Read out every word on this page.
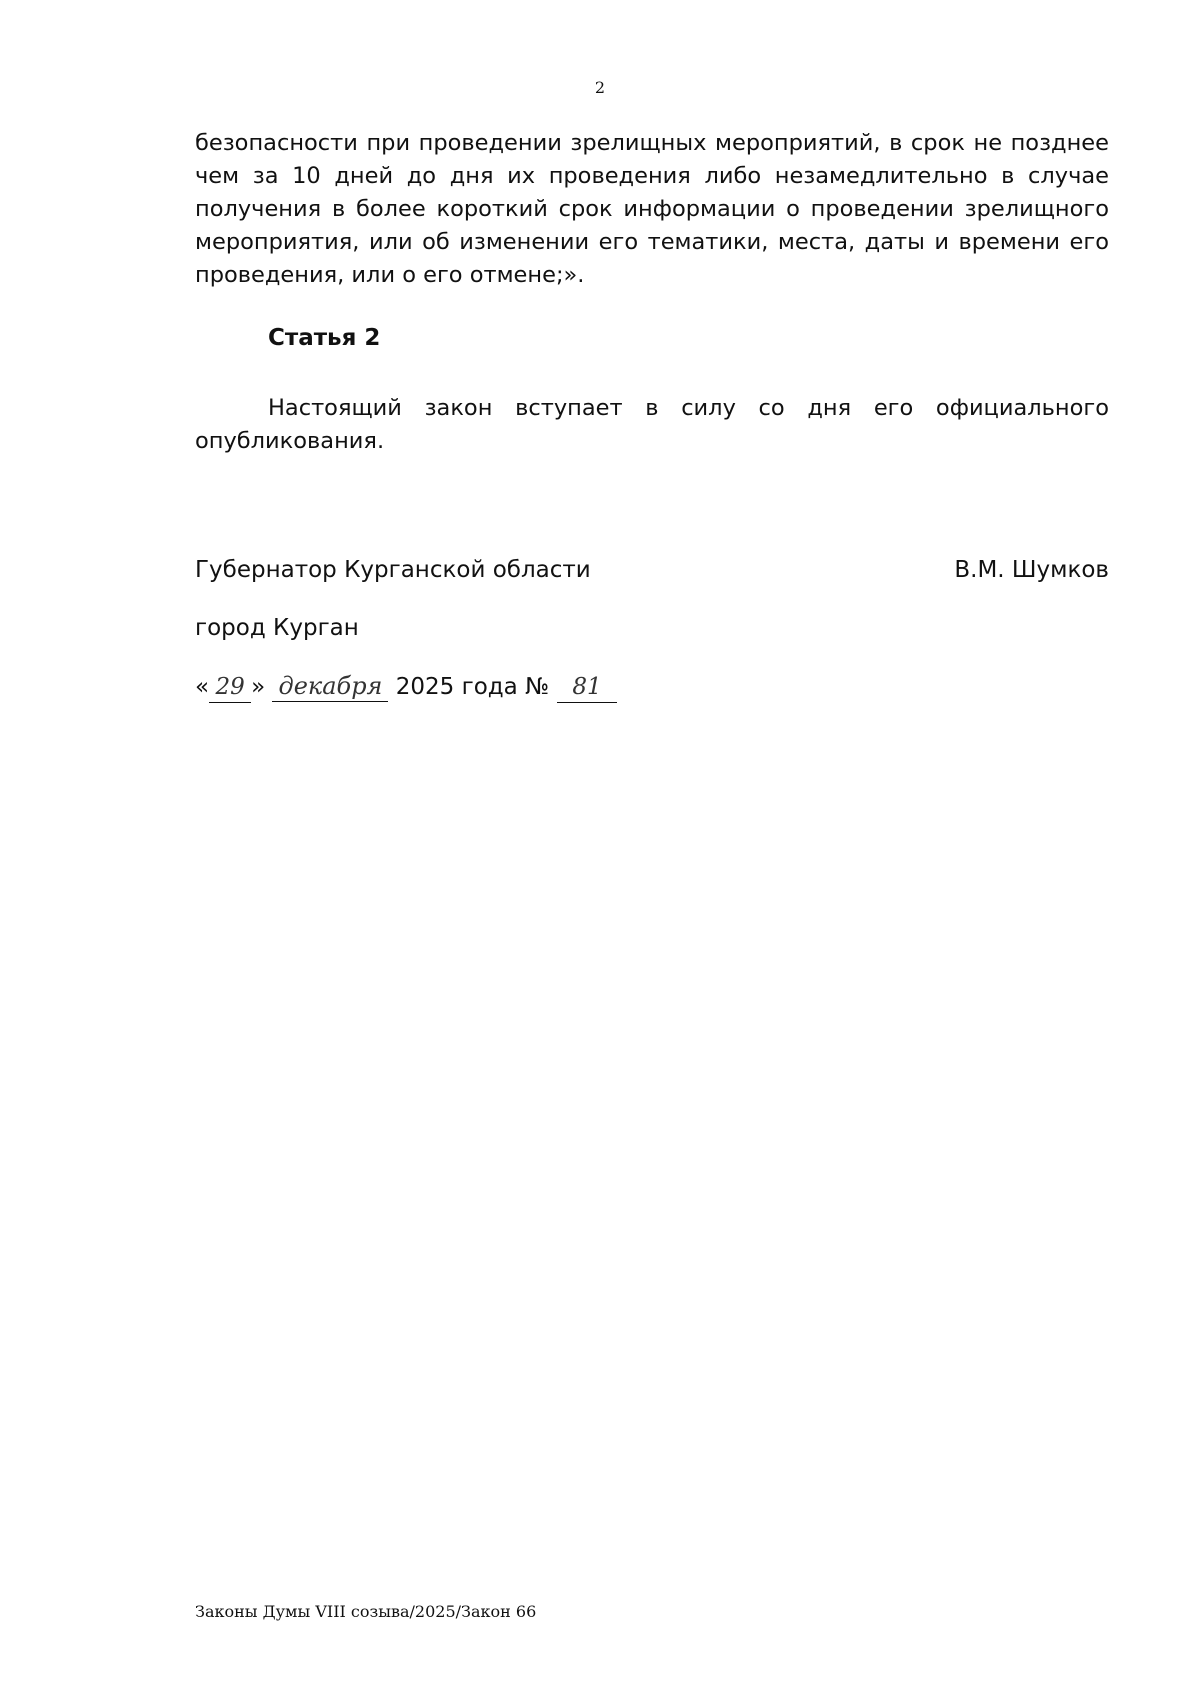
2

безопасности при проведении зрелищных мероприятий, в срок не позднее чем за 10 дней до дня их проведения либо незамедлительно в случае получения в более короткий срок информации о проведении зрелищного мероприятия, или об изменении его тематики, места, даты и времени его проведения, или о его отмене;».

Статья 2

Настоящий закон вступает в силу со дня его официального опубликования.

Губернатор Курганской области	В.М. Шумков
город Курган
« 29 » декабря 2025 года № 81
Законы Думы VIII созыва/2025/Закон 66
